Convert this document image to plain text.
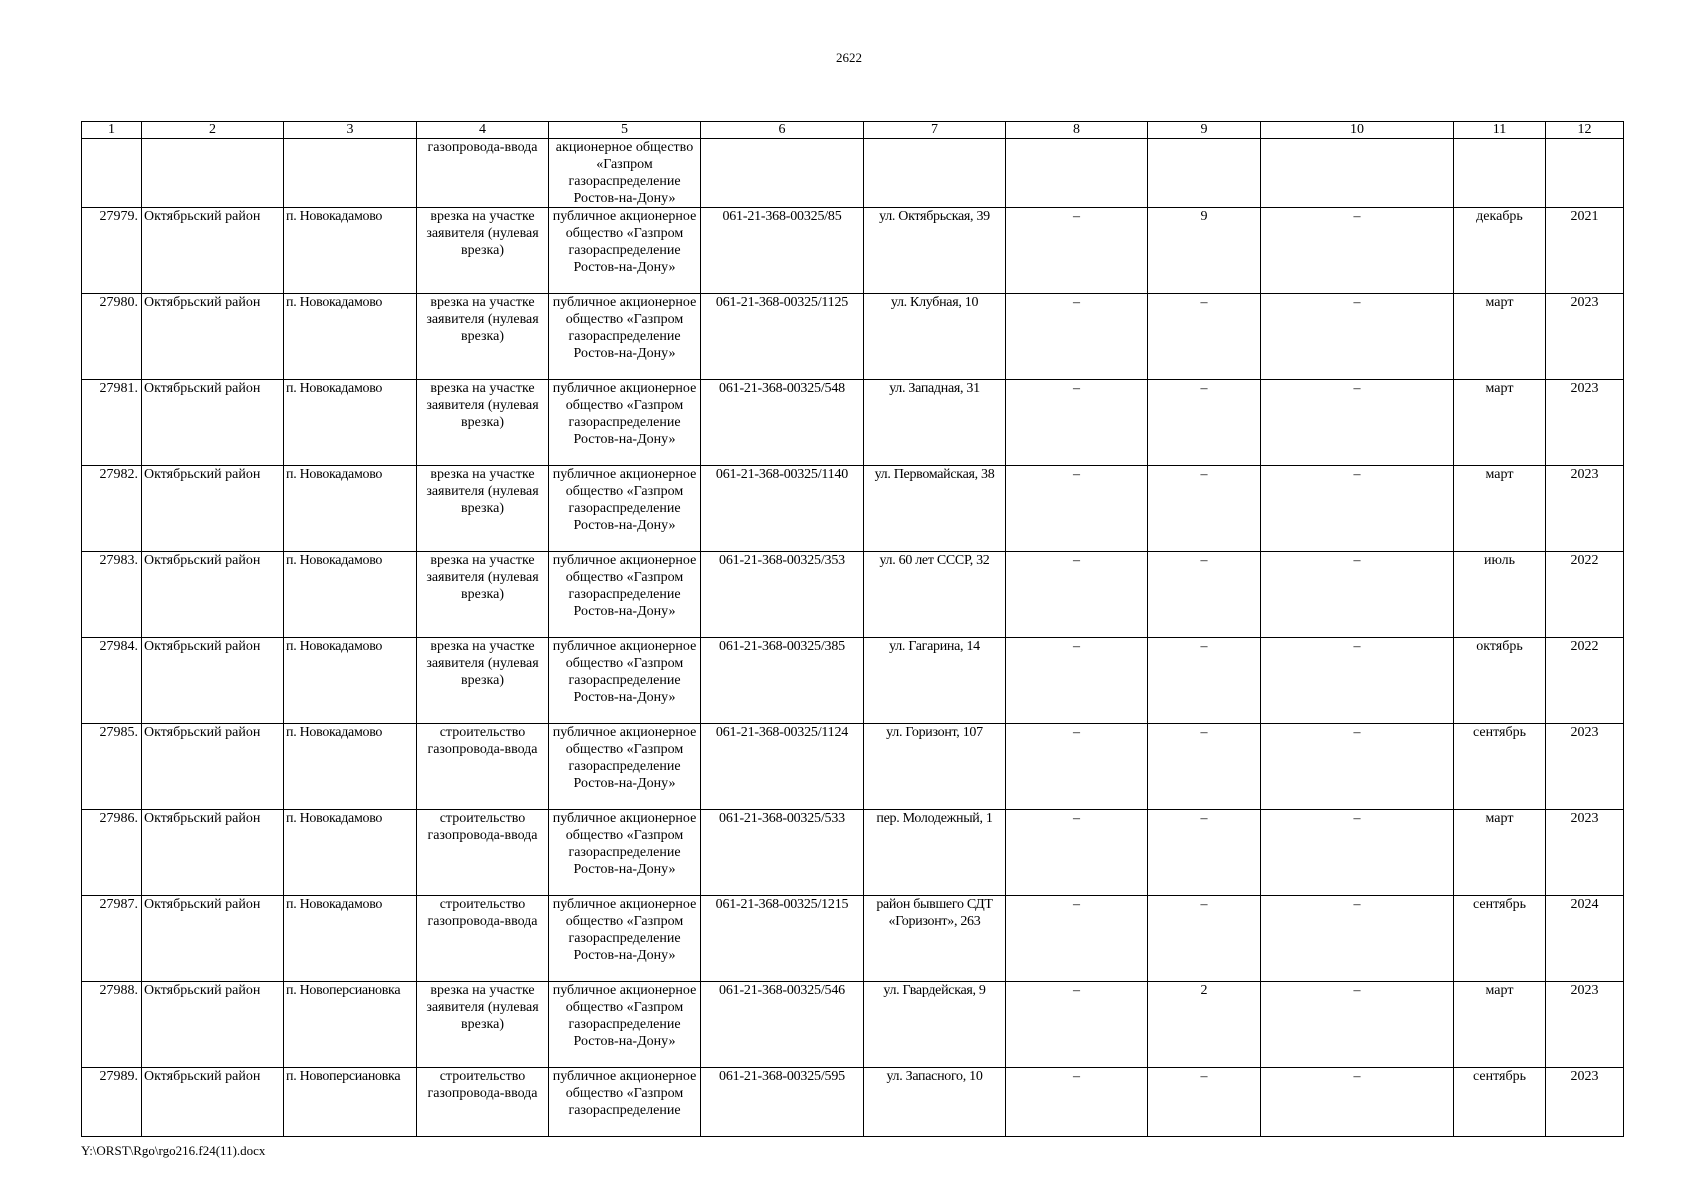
2622
1	2	3	4	5	6	7	8	9	10	11	12
			газопровода-ввода	акционерное общество «Газпром газораспределение Ростов-на-Дону»							
27979.	Октябрьский район	п. Новокадамово	врезка на участке заявителя (нулевая врезка)	публичное акционерное общество «Газпром газораспределение Ростов-на-Дону»	061-21-368-00325/85	ул. Октябрьская, 39	–	9	–	декабрь	2021
27980.	Октябрьский район	п. Новокадамово	врезка на участке заявителя (нулевая врезка)	публичное акционерное общество «Газпром газораспределение Ростов-на-Дону»	061-21-368-00325/1125	ул. Клубная, 10	–	–	–	март	2023
27981.	Октябрьский район	п. Новокадамово	врезка на участке заявителя (нулевая врезка)	публичное акционерное общество «Газпром газораспределение Ростов-на-Дону»	061-21-368-00325/548	ул. Западная, 31	–	–	–	март	2023
27982.	Октябрьский район	п. Новокадамово	врезка на участке заявителя (нулевая врезка)	публичное акционерное общество «Газпром газораспределение Ростов-на-Дону»	061-21-368-00325/1140	ул. Первомайская, 38	–	–	–	март	2023
27983.	Октябрьский район	п. Новокадамово	врезка на участке заявителя (нулевая врезка)	публичное акционерное общество «Газпром газораспределение Ростов-на-Дону»	061-21-368-00325/353	ул. 60 лет СССР, 32	–	–	–	июль	2022
27984.	Октябрьский район	п. Новокадамово	врезка на участке заявителя (нулевая врезка)	публичное акционерное общество «Газпром газораспределение Ростов-на-Дону»	061-21-368-00325/385	ул. Гагарина, 14	–	–	–	октябрь	2022
27985.	Октябрьский район	п. Новокадамово	строительство газопровода-ввода	публичное акционерное общество «Газпром газораспределение Ростов-на-Дону»	061-21-368-00325/1124	ул. Горизонт, 107	–	–	–	сентябрь	2023
27986.	Октябрьский район	п. Новокадамово	строительство газопровода-ввода	публичное акционерное общество «Газпром газораспределение Ростов-на-Дону»	061-21-368-00325/533	пер. Молодежный, 1	–	–	–	март	2023
27987.	Октябрьский район	п. Новокадамово	строительство газопровода-ввода	публичное акционерное общество «Газпром газораспределение Ростов-на-Дону»	061-21-368-00325/1215	район бывшего СДТ «Горизонт», 263	–	–	–	сентябрь	2024
27988.	Октябрьский район	п. Новоперсиановка	врезка на участке заявителя (нулевая врезка)	публичное акционерное общество «Газпром газораспределение Ростов-на-Дону»	061-21-368-00325/546	ул. Гвардейская, 9	–	2	–	март	2023
27989.	Октябрьский район	п. Новоперсиановка	строительство газопровода-ввода	публичное акционерное общество «Газпром газораспределение	061-21-368-00325/595	ул. Запасного, 10	–	–	–	сентябрь	2023
Y:\ORST\Rgo\rgo216.f24(11).docx
